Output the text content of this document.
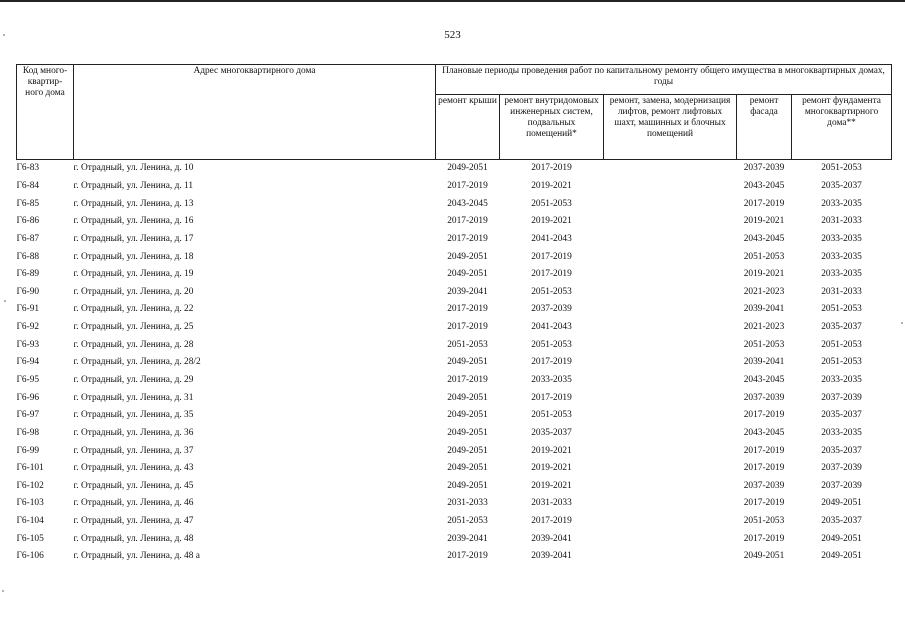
523
Код много-квартир-ного дома	Адрес многоквартирного дома	Плановые периоды проведения работ по капитальному ремонту общего имущества в многоквартирных домах, годы				
		ремонт крыши	ремонт внутридомовых инженерных систем, подвальных помещений*	ремонт, замена, модернизация лифтов, ремонт лифтовых шахт, машинных и блочных помещений	ремонт фасада	ремонт фундамента многоквартирного дома**
Г6-83	г. Отрадный, ул. Ленина, д. 10	2049-2051	2017-2019		2037-2039	2051-2053
Г6-84	г. Отрадный, ул. Ленина, д. 11	2017-2019	2019-2021		2043-2045	2035-2037
Г6-85	г. Отрадный, ул. Ленина, д. 13	2043-2045	2051-2053		2017-2019	2033-2035
Г6-86	г. Отрадный, ул. Ленина, д. 16	2017-2019	2019-2021		2019-2021	2031-2033
Г6-87	г. Отрадный, ул. Ленина, д. 17	2017-2019	2041-2043		2043-2045	2033-2035
Г6-88	г. Отрадный, ул. Ленина, д. 18	2049-2051	2017-2019		2051-2053	2033-2035
Г6-89	г. Отрадный, ул. Ленина, д. 19	2049-2051	2017-2019		2019-2021	2033-2035
Г6-90	г. Отрадный, ул. Ленина, д. 20	2039-2041	2051-2053		2021-2023	2031-2033
Г6-91	г. Отрадный, ул. Ленина, д. 22	2017-2019	2037-2039		2039-2041	2051-2053
Г6-92	г. Отрадный, ул. Ленина, д. 25	2017-2019	2041-2043		2021-2023	2035-2037
Г6-93	г. Отрадный, ул. Ленина, д. 28	2051-2053	2051-2053		2051-2053	2051-2053
Г6-94	г. Отрадный, ул. Ленина, д. 28/2	2049-2051	2017-2019		2039-2041	2051-2053
Г6-95	г. Отрадный, ул. Ленина, д. 29	2017-2019	2033-2035		2043-2045	2033-2035
Г6-96	г. Отрадный, ул. Ленина, д. 31	2049-2051	2017-2019		2037-2039	2037-2039
Г6-97	г. Отрадный, ул. Ленина, д. 35	2049-2051	2051-2053		2017-2019	2035-2037
Г6-98	г. Отрадный, ул. Ленина, д. 36	2049-2051	2035-2037		2043-2045	2033-2035
Г6-99	г. Отрадный, ул. Ленина, д. 37	2049-2051	2019-2021		2017-2019	2035-2037
Г6-101	г. Отрадный, ул. Ленина, д. 43	2049-2051	2019-2021		2017-2019	2037-2039
Г6-102	г. Отрадный, ул. Ленина, д. 45	2049-2051	2019-2021		2037-2039	2037-2039
Г6-103	г. Отрадный, ул. Ленина, д. 46	2031-2033	2031-2033		2017-2019	2049-2051
Г6-104	г. Отрадный, ул. Ленина, д. 47	2051-2053	2017-2019		2051-2053	2035-2037
Г6-105	г. Отрадный, ул. Ленина, д. 48	2039-2041	2039-2041		2017-2019	2049-2051
Г6-106	г. Отрадный, ул. Ленина, д. 48 а	2017-2019	2039-2041		2049-2051	2049-2051
